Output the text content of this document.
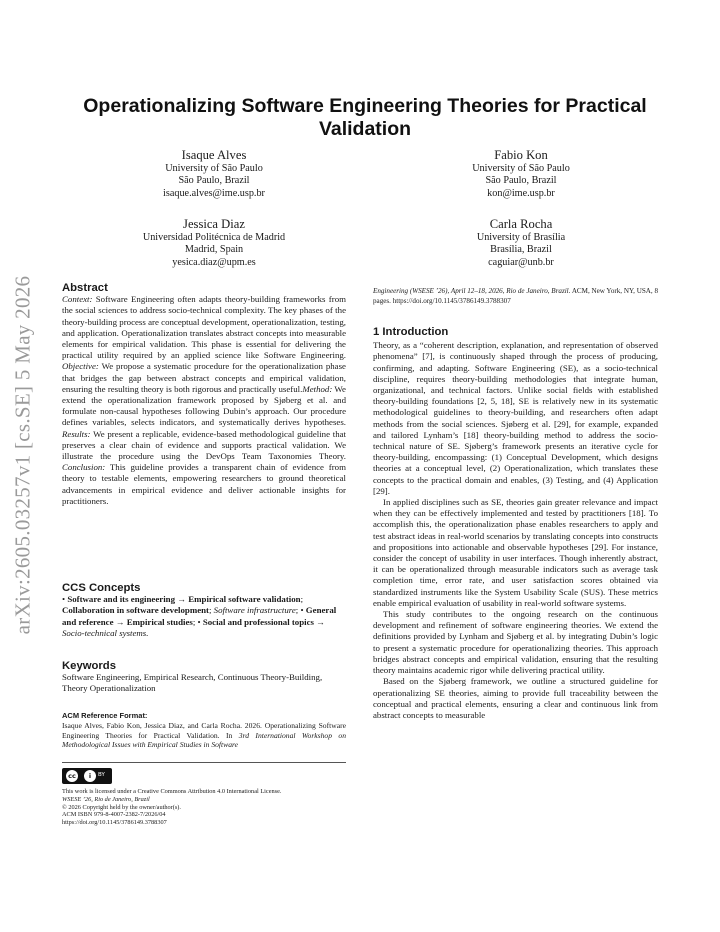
arXiv:2605.03257v1 [cs.SE] 5 May 2026
Operationalizing Software Engineering Theories for Practical
Validation
Isaque Alves
University of São Paulo
São Paulo, Brazil
isaque.alves@ime.usp.br
Fabio Kon
University of São Paulo
São Paulo, Brazil
kon@ime.usp.br
Jessica Diaz
Universidad Politécnica de Madrid
Madrid, Spain
yesica.diaz@upm.es
Carla Rocha
University of Brasília
Brasília, Brazil
caguiar@unb.br
Abstract

Context: Software Engineering often adapts theory-building frameworks from the social sciences to address socio-technical complexity. The key phases of the theory-building process are conceptual development, operationalization, testing, and application. Operationalization translates abstract concepts into measurable elements for empirical validation. This phase is essential for delivering the practical utility required by an applied science like Software Engineering. Objective: We propose a systematic procedure for the operationalization phase that bridges the gap between abstract concepts and empirical validation, ensuring the resulting theory is both rigorous and practically useful.Method: We extend the operationalization framework proposed by Sjøberg et al. and formulate non-causal hypotheses following Dubin’s approach. Our procedure defines variables, selects indicators, and systematically derives hypotheses. Results: We present a replicable, evidence-based methodological guideline that preserves a clear chain of evidence and supports practical validation. We illustrate the procedure using the DevOps Team Taxonomies Theory. Conclusion: This guideline provides a transparent chain of evidence from theory to testable elements, empowering researchers to ground theoretical advancements in empirical evidence and deliver actionable insights for practitioners.

CCS Concepts

• Software and its engineering → Empirical software validation; Collaboration in software development; Software infrastructure; • General and reference → Empirical studies; • Social and professional topics → Socio-technical systems.

Keywords

Software Engineering, Empirical Research, Continuous Theory-Building, Theory Operationalization

ACM Reference Format:

Isaque Alves, Fabio Kon, Jessica Diaz, and Carla Rocha. 2026. Operationalizing Software Engineering Theories for Practical Validation. In 3rd International Workshop on Methodological Issues with Empirical Studies in Software

cc	i	BY
This work is licensed under a Creative Commons Attribution 4.0 International License.
WSESE ’26, Rio de Janeiro, Brazil
© 2026 Copyright held by the owner/author(s).
ACM ISBN 979-8-4007-2382-7/2026/04
https://doi.org/10.1145/3786149.3788307
Engineering (WSESE ’26), April 12–18, 2026, Rio de Janeiro, Brazil. ACM, New York, NY, USA, 8 pages. https://doi.org/10.1145/3786149.3788307
1 Introduction

Theory, as a “coherent description, explanation, and representation of observed phenomena” [7], is continuously shaped through the process of producing, confirming, and adapting. Software Engineering (SE), as a socio-technical discipline, requires theory-building methodologies that integrate human, organizational, and technical factors. Unlike social fields with established theory-building foundations [2, 5, 18], SE is relatively new in its systematic methodological guidelines to theory-building, and researchers often adapt methods from the social sciences. Sjøberg et al. [29], for example, expanded and tailored Lynham’s [18] theory-building method to address the socio-technical nature of SE. Sjøberg’s framework presents an iterative cycle for theory-building, encompassing: (1) Conceptual Development, which designs theories at a conceptual level, (2) Operationalization, which translates these concepts to the practical domain and enables, (3) Testing, and (4) Application [29].

In applied disciplines such as SE, theories gain greater relevance and impact when they can be effectively implemented and tested by practitioners [18]. To accomplish this, the operationalization phase enables researchers to apply and test abstract ideas in real-world scenarios by translating concepts into constructs and propositions into actionable and observable hypotheses [29]. For instance, consider the concept of usability in user interfaces. Though inherently abstract, it can be operationalized through measurable indicators such as average task completion time, error rate, and user satisfaction scores obtained via standardized instruments like the System Usability Scale (SUS). These metrics enable empirical evaluation of usability in real-world software systems.

This study contributes to the ongoing research on the continuous development and refinement of software engineering theories. We extend the definitions provided by Lynham and Sjøberg et al. by integrating Dubin’s logic to present a systematic procedure for operationalizing theories. This approach bridges abstract concepts and empirical validation, ensuring that the resulting theory maintains academic rigor while delivering practical utility.

Based on the Sjøberg framework, we outline a structured guideline for operationalizing SE theories, aiming to provide full traceability between the conceptual and practical elements, ensuring a clear and continuous link from abstract concepts to measurable
